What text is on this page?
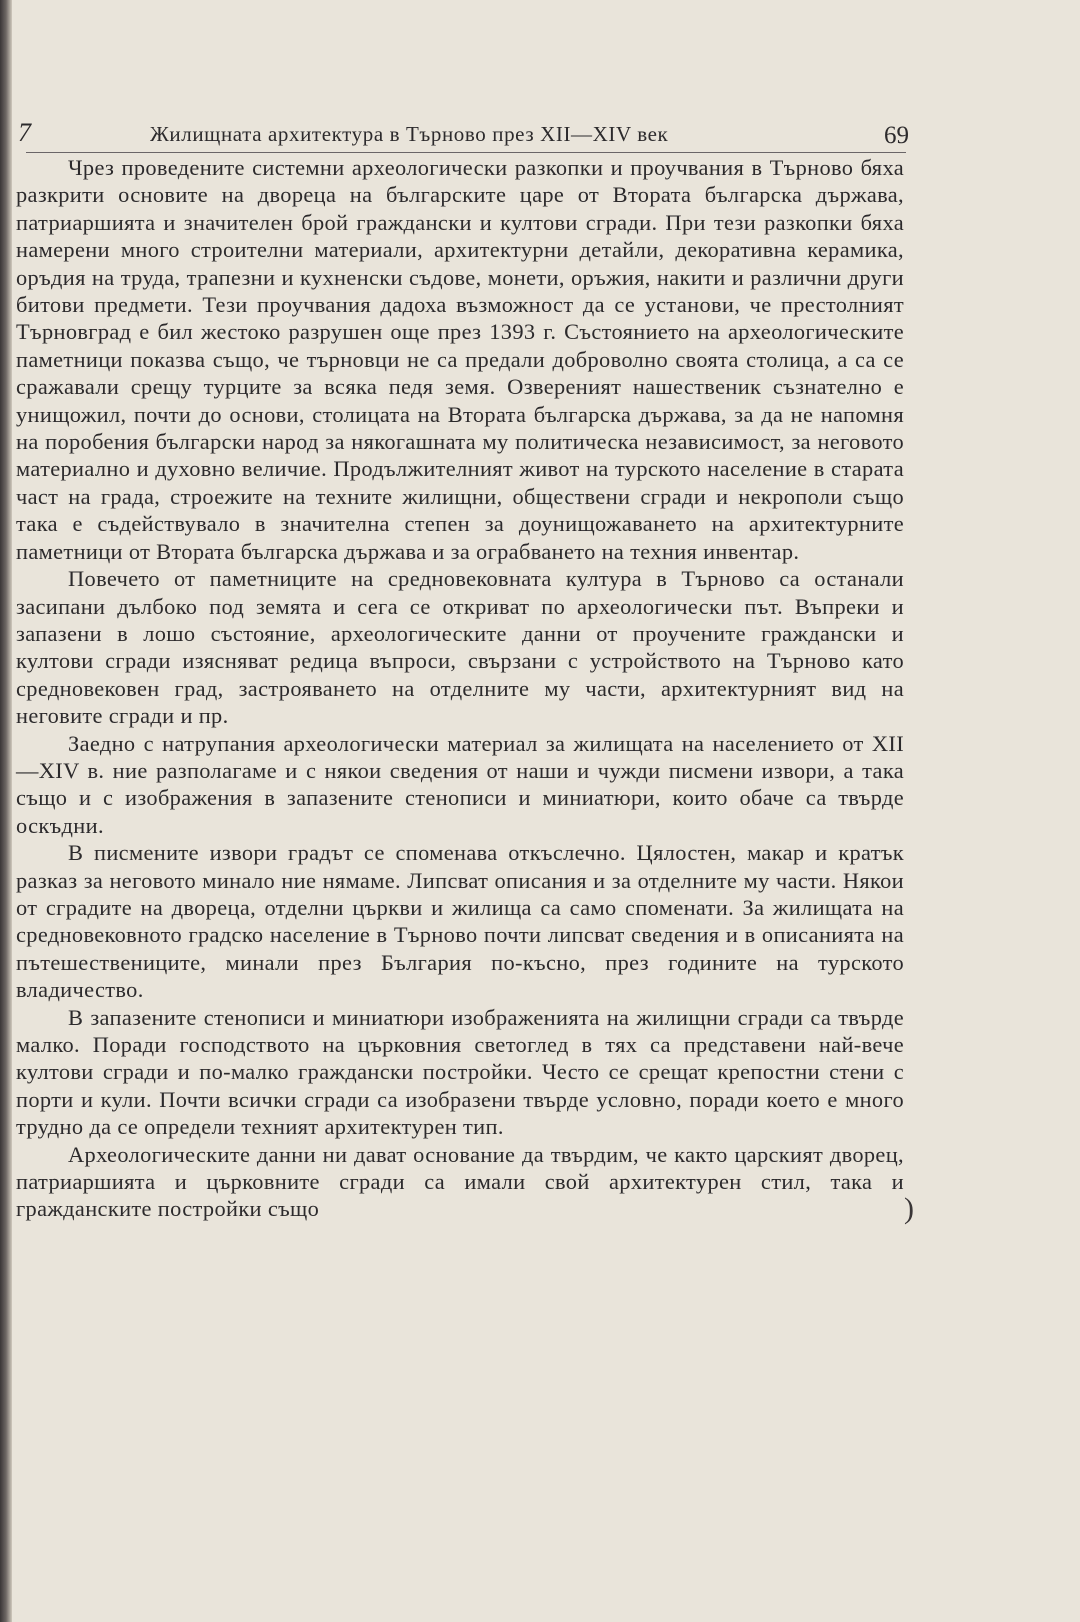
7	Жилищната архитектура в Търново през XII—XIV век	69

Чрез проведените системни археологически разкопки и проучвания в Търново бяха разкрити основите на двореца на българските царе от Втората българска държава, патриаршията и значителен брой граждански и култови сгради. При тези разкопки бяха намерени много строителни материали, архитектурни детайли, декоративна керамика, оръдия на труда, трапезни и кухненски съдове, монети, оръжия, накити и различни други битови предмети. Тези проучвания дадоха възможност да се установи, че престолният Търновград е бил жестоко разрушен още през 1393 г. Състоянието на археологическите паметници показва също, че търновци не са предали доброволно своята столица, а са се сражавали срещу турците за всяка педя земя. Озвереният нашественик съзнателно е унищожил, почти до основи, столицата на Втората българска държава, за да не напомня на поробения български народ за някогашната му политическа независимост, за неговото материално и духовно величие. Продължителният живот на турското население в старата част на града, строежите на техните жилищни, обществени сгради и некрополи също така е съдействувало в значителна степен за доунищожаването на архитектурните паметници от Втората българска държава и за ограбването на техния инвентар.

Повечето от паметниците на средновековната култура в Търново са останали засипани дълбоко под земята и сега се откриват по археологически път. Въпреки и запазени в лошо състояние, археологическите данни от проучените граждански и култови сгради изясняват редица въпроси, свързани с устройството на Търново като средновековен град, застрояването на отделните му части, архитектурният вид на неговите сгради и пр.

Заедно с натрупания археологически материал за жилищата на населението от XII—XIV в. ние разполагаме и с някои сведения от наши и чужди писмени извори, а така също и с изображения в запазените стенописи и миниатюри, които обаче са твърде оскъдни.

В писмените извори градът се споменава откъслечно. Цялостен, макар и кратък разказ за неговото минало ние нямаме. Липсват описания и за отделните му части. Някои от сградите на двореца, отделни църкви и жилища са само споменати. За жилищата на средновековното градско население в Търново почти липсват сведения и в описанията на пътешествениците, минали през България по-късно, през годините на турското владичество.

В запазените стенописи и миниатюри изображенията на жилищни сгради са твърде малко. Поради господството на църковния светоглед в тях са представени най-вече култови сгради и по-малко граждански постройки. Често се срещат крепостни стени с порти и кули. Почти всички сгради са изобразени твърде условно, поради което е много трудно да се определи техният архитектурен тип.

Археологическите данни ни дават основание да твърдим, че както царският дворец, патриаршията и църковните сгради са имали свой архитектурен стил, така и гражданските постройки също	)
